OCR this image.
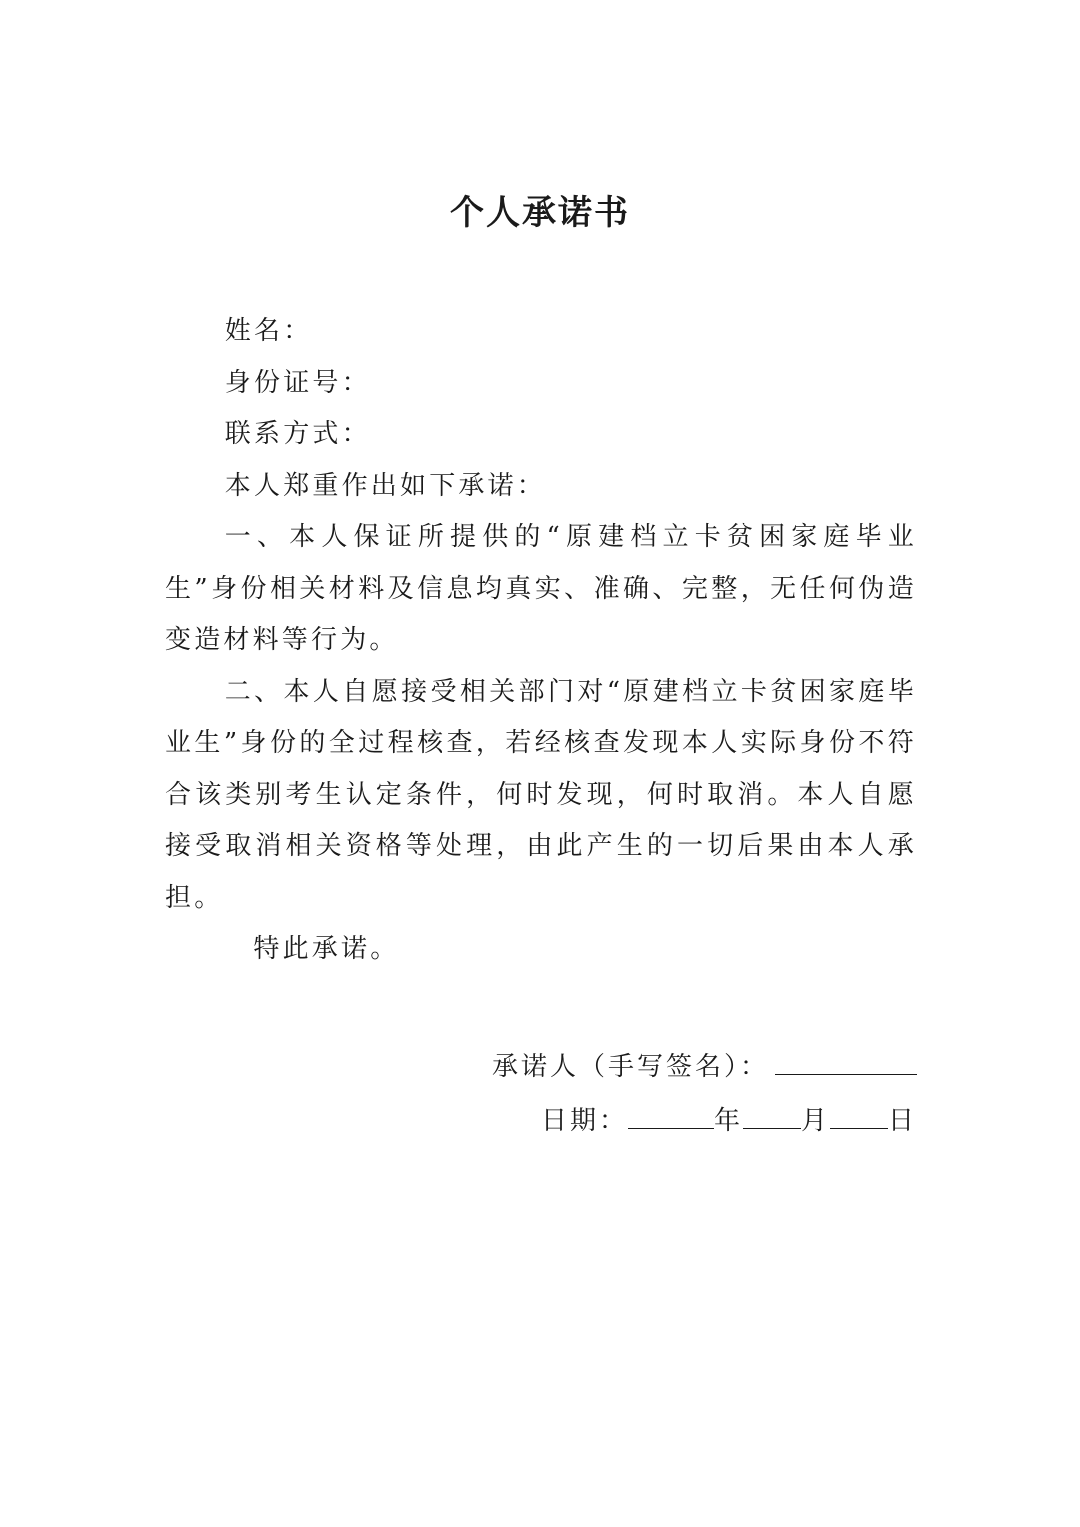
个人承诺书

姓名：

身份证号：

联系方式：

本人郑重作出如下承诺：

一、本人保证所提供的“原建档立卡贫困家庭毕业生”身份相关材料及信息均真实、准确、完整，无任何伪造变造材料等行为。

二、本人自愿接受相关部门对“原建档立卡贫困家庭毕业生”身份的全过程核查，若经核查发现本人实际身份不符合该类别考生认定条件，何时发现，何时取消。本人自愿接受取消相关资格等处理，由此产生的一切后果由本人承担。

特此承诺。

承诺人（手写签名）：
日期：	年 月 日
